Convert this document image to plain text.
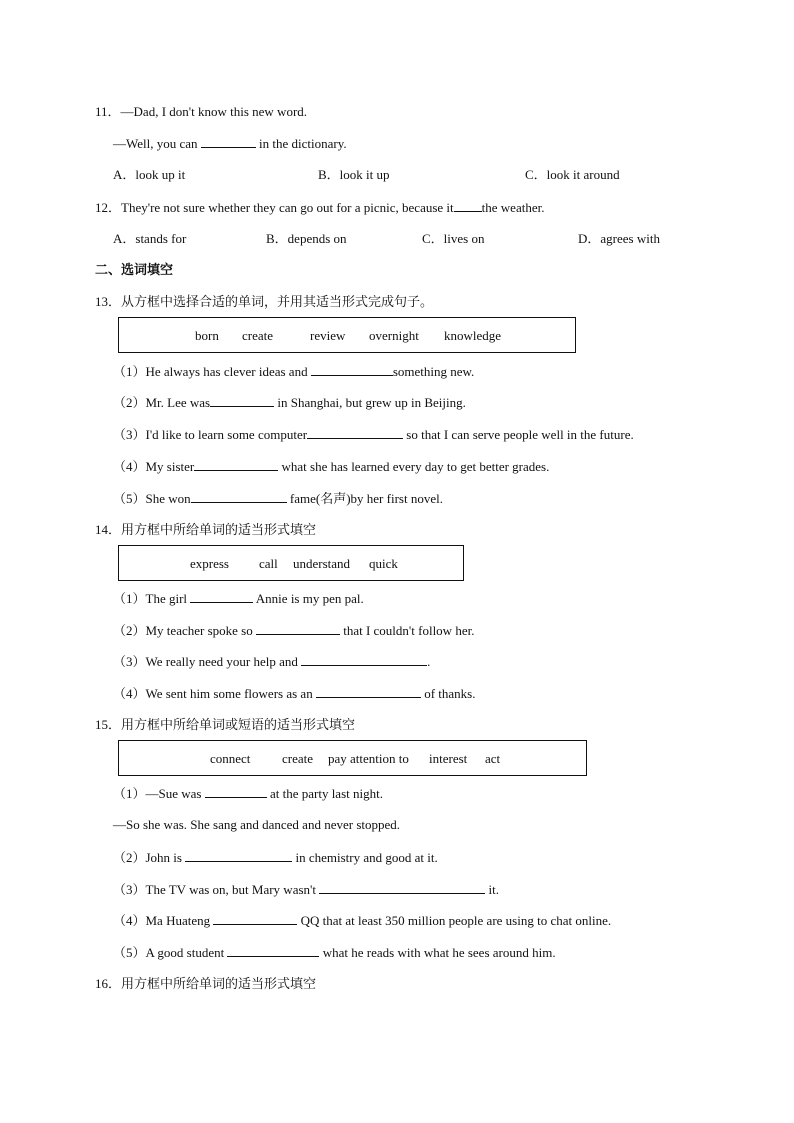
11．—Dad, I don't know this new word.
—Well, you can	in the dictionary.
A．look up it	B．look it up	C．look it around
12．They're not sure whether they can go out for a picnic, because it the weather.
A．stands for	B．depends on	C．lives on	D．agrees with
二、选词填空
13．从方框中选择合适的单词，并用其适当形式完成句子。
born create	review overnight knowledge
（1）He always has clever ideas and	something new.
（2）Mr. Lee was	in Shanghai, but grew up in Beijing.
（3）I'd like to learn some computer	so that I can serve people well in the future.
（4）My sister	what she has learned every day to get better grades.
（5）She won	fame(名声)by her first novel.
14．用方框中所给单词的适当形式填空
express call understand quick
（1）The girl	Annie is my pen pal.
（2）My teacher spoke so	that I couldn't follow her.
（3）We really need your help and	.
（4）We sent him some flowers as an	of thanks.
15．用方框中所给单词或短语的适当形式填空
connect create pay attention to interest act
（1）—Sue was	at the party last night.
—So she was. She sang and danced and never stopped.
（2）John is	in chemistry and good at it.
（3）The TV was on, but Mary wasn't	it.
（4）Ma Huateng	QQ that at least 350 million people are using to chat online.
（5）A good student	what he reads with what he sees around him.
16．用方框中所给单词的适当形式填空
